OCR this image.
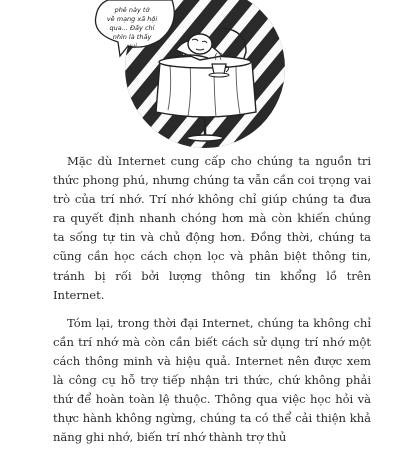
phê này tớ
về mạng xã hội
qua... Đấy chỉ
nhìn là thấy
vui

Mặc dù Internet cung cấp cho chúng ta nguồn tri thức phong phú, nhưng chúng ta vẫn cần coi trọng vai trò của trí nhớ. Trí nhớ không chỉ giúp chúng ta đưa ra quyết định nhanh chóng hơn mà còn khiến chúng ta sống tự tin và chủ động hơn. Đồng thời, chúng ta cũng cần học cách chọn lọc và phân biệt thông tin, tránh bị rối bởi lượng thông tin khổng lồ trên Internet.

Tóm lại, trong thời đại Internet, chúng ta không chỉ cần trí nhớ mà còn cần biết cách sử dụng trí nhớ một cách thông minh và hiệu quả. Internet nên được xem là công cụ hỗ trợ tiếp nhận tri thức, chứ không phải thứ để hoàn toàn lệ thuộc. Thông qua việc học hỏi và thực hành không ngừng, chúng ta có thể cải thiện khả năng ghi nhớ, biến trí nhớ thành trợ thủ
